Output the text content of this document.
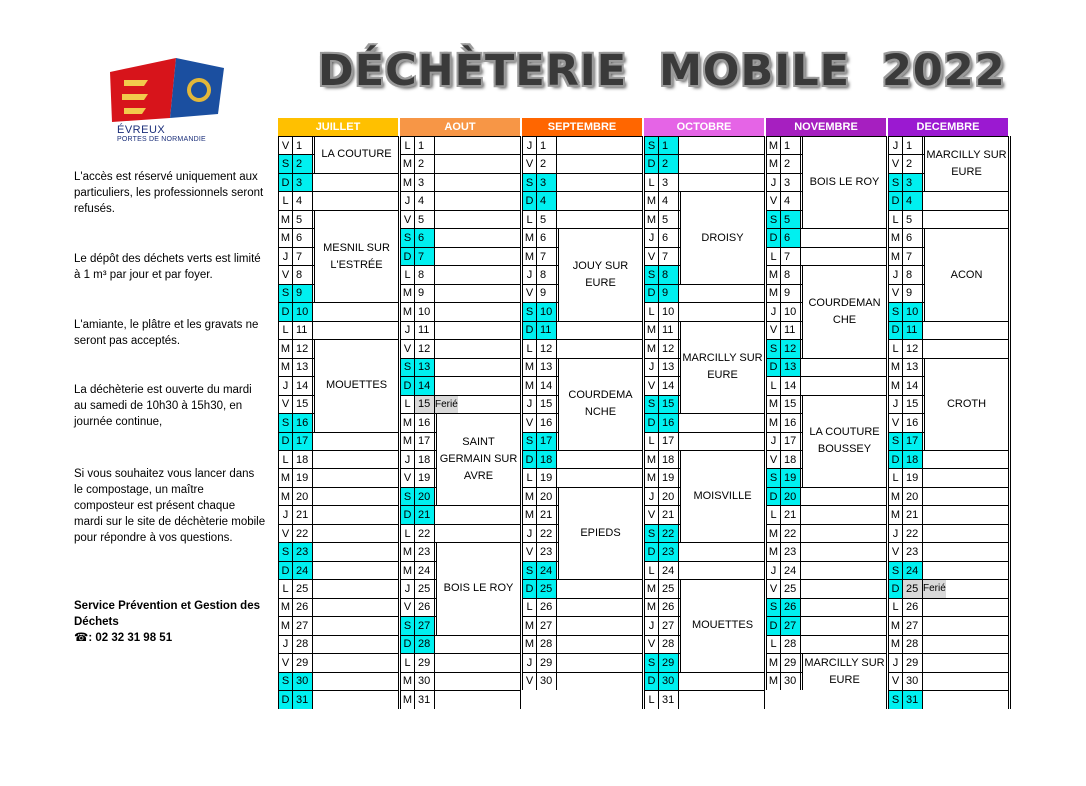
ÉVREUX
PORTES DE NORMANDIE
DÉCHÈTERIE  MOBILE  2022

L'accès est réservé uniquement aux particuliers, les professionnels seront refusés.

Le dépôt des déchets verts est limité à 1 m³ par jour et par foyer.

L'amiante, le plâtre et les gravats ne seront pas acceptés.

La déchèterie est ouverte du mardi au samedi de 10h30 à 15h30, en journée continue,

Si vous souhaitez vous lancer dans le compostage, un maître composteur est présent chaque mardi sur le site de déchèterie mobile pour répondre à vos questions.

Service Prévention et Gestion des
Déchets
☎: 02 32 31 98 51
JUILLET
V 1
S 2
D 3
L 4
M 5
M 6
J 7
V 8
S 9
D 10
L 11
M 12
M 13
J 14
V 15
S 16
D 17
L 18
M 19
M 20
J 21
V 22
S 23
D 24
L 25
M 26
M 27
J 28
V 29
S 30
D 31
LA COUTURE
MESNIL SUR L'ESTRÉE
MOUETTES
AOUT
L 1
M 2
M 3
J 4
V 5
S 6
D 7
L 8
M 9
M 10
J 11
V 12
S 13
D 14
L 15 Ferié
M 16
M 17
J 18
V 19
S 20
D 21
L 22
M 23
M 24
J 25
V 26
S 27
D 28
L 29
M 30
M 31
SAINT GERMAIN SUR AVRE
BOIS LE ROY
SEPTEMBRE
J 1
V 2
S 3
D 4
L 5
M 6
M 7
J 8
V 9
S 10
D 11
L 12
M 13
M 14
J 15
V 16
S 17
D 18
L 19
M 20
M 21
J 22
V 23
S 24
D 25
L 26
M 27
M 28
J 29
V 30
JOUY SUR EURE
COURDEMA NCHE
EPIEDS
OCTOBRE
S 1
D 2
L 3
M 4
M 5
J 6
V 7
S 8
D 9
L 10
M 11
M 12
J 13
V 14
S 15
D 16
L 17
M 18
M 19
J 20
V 21
S 22
D 23
L 24
M 25
M 26
J 27
V 28
S 29
D 30
L 31
DROISY
MARCILLY SUR EURE
MOISVILLE
MOUETTES
NOVEMBRE
M 1
M 2
J 3
V 4
S 5
D 6
L 7
M 8
M 9
J 10
V 11
S 12
D 13
L 14
M 15
M 16
J 17
V 18
S 19
D 20
L 21
M 22
M 23
J 24
V 25
S 26
D 27
L 28
M 29
M 30
BOIS LE ROY
COURDEMAN CHE
LA COUTURE BOUSSEY
MARCILLY SUR EURE
DECEMBRE
J 1
V 2
S 3
D 4
L 5
M 6
M 7
J 8
V 9
S 10
D 11
L 12
M 13
M 14
J 15
V 16
S 17
D 18
L 19
M 20
M 21
J 22
V 23
S 24
D 25 Ferié
L 26
M 27
M 28
J 29
V 30
S 31
MARCILLY SUR EURE
ACON
CROTH
